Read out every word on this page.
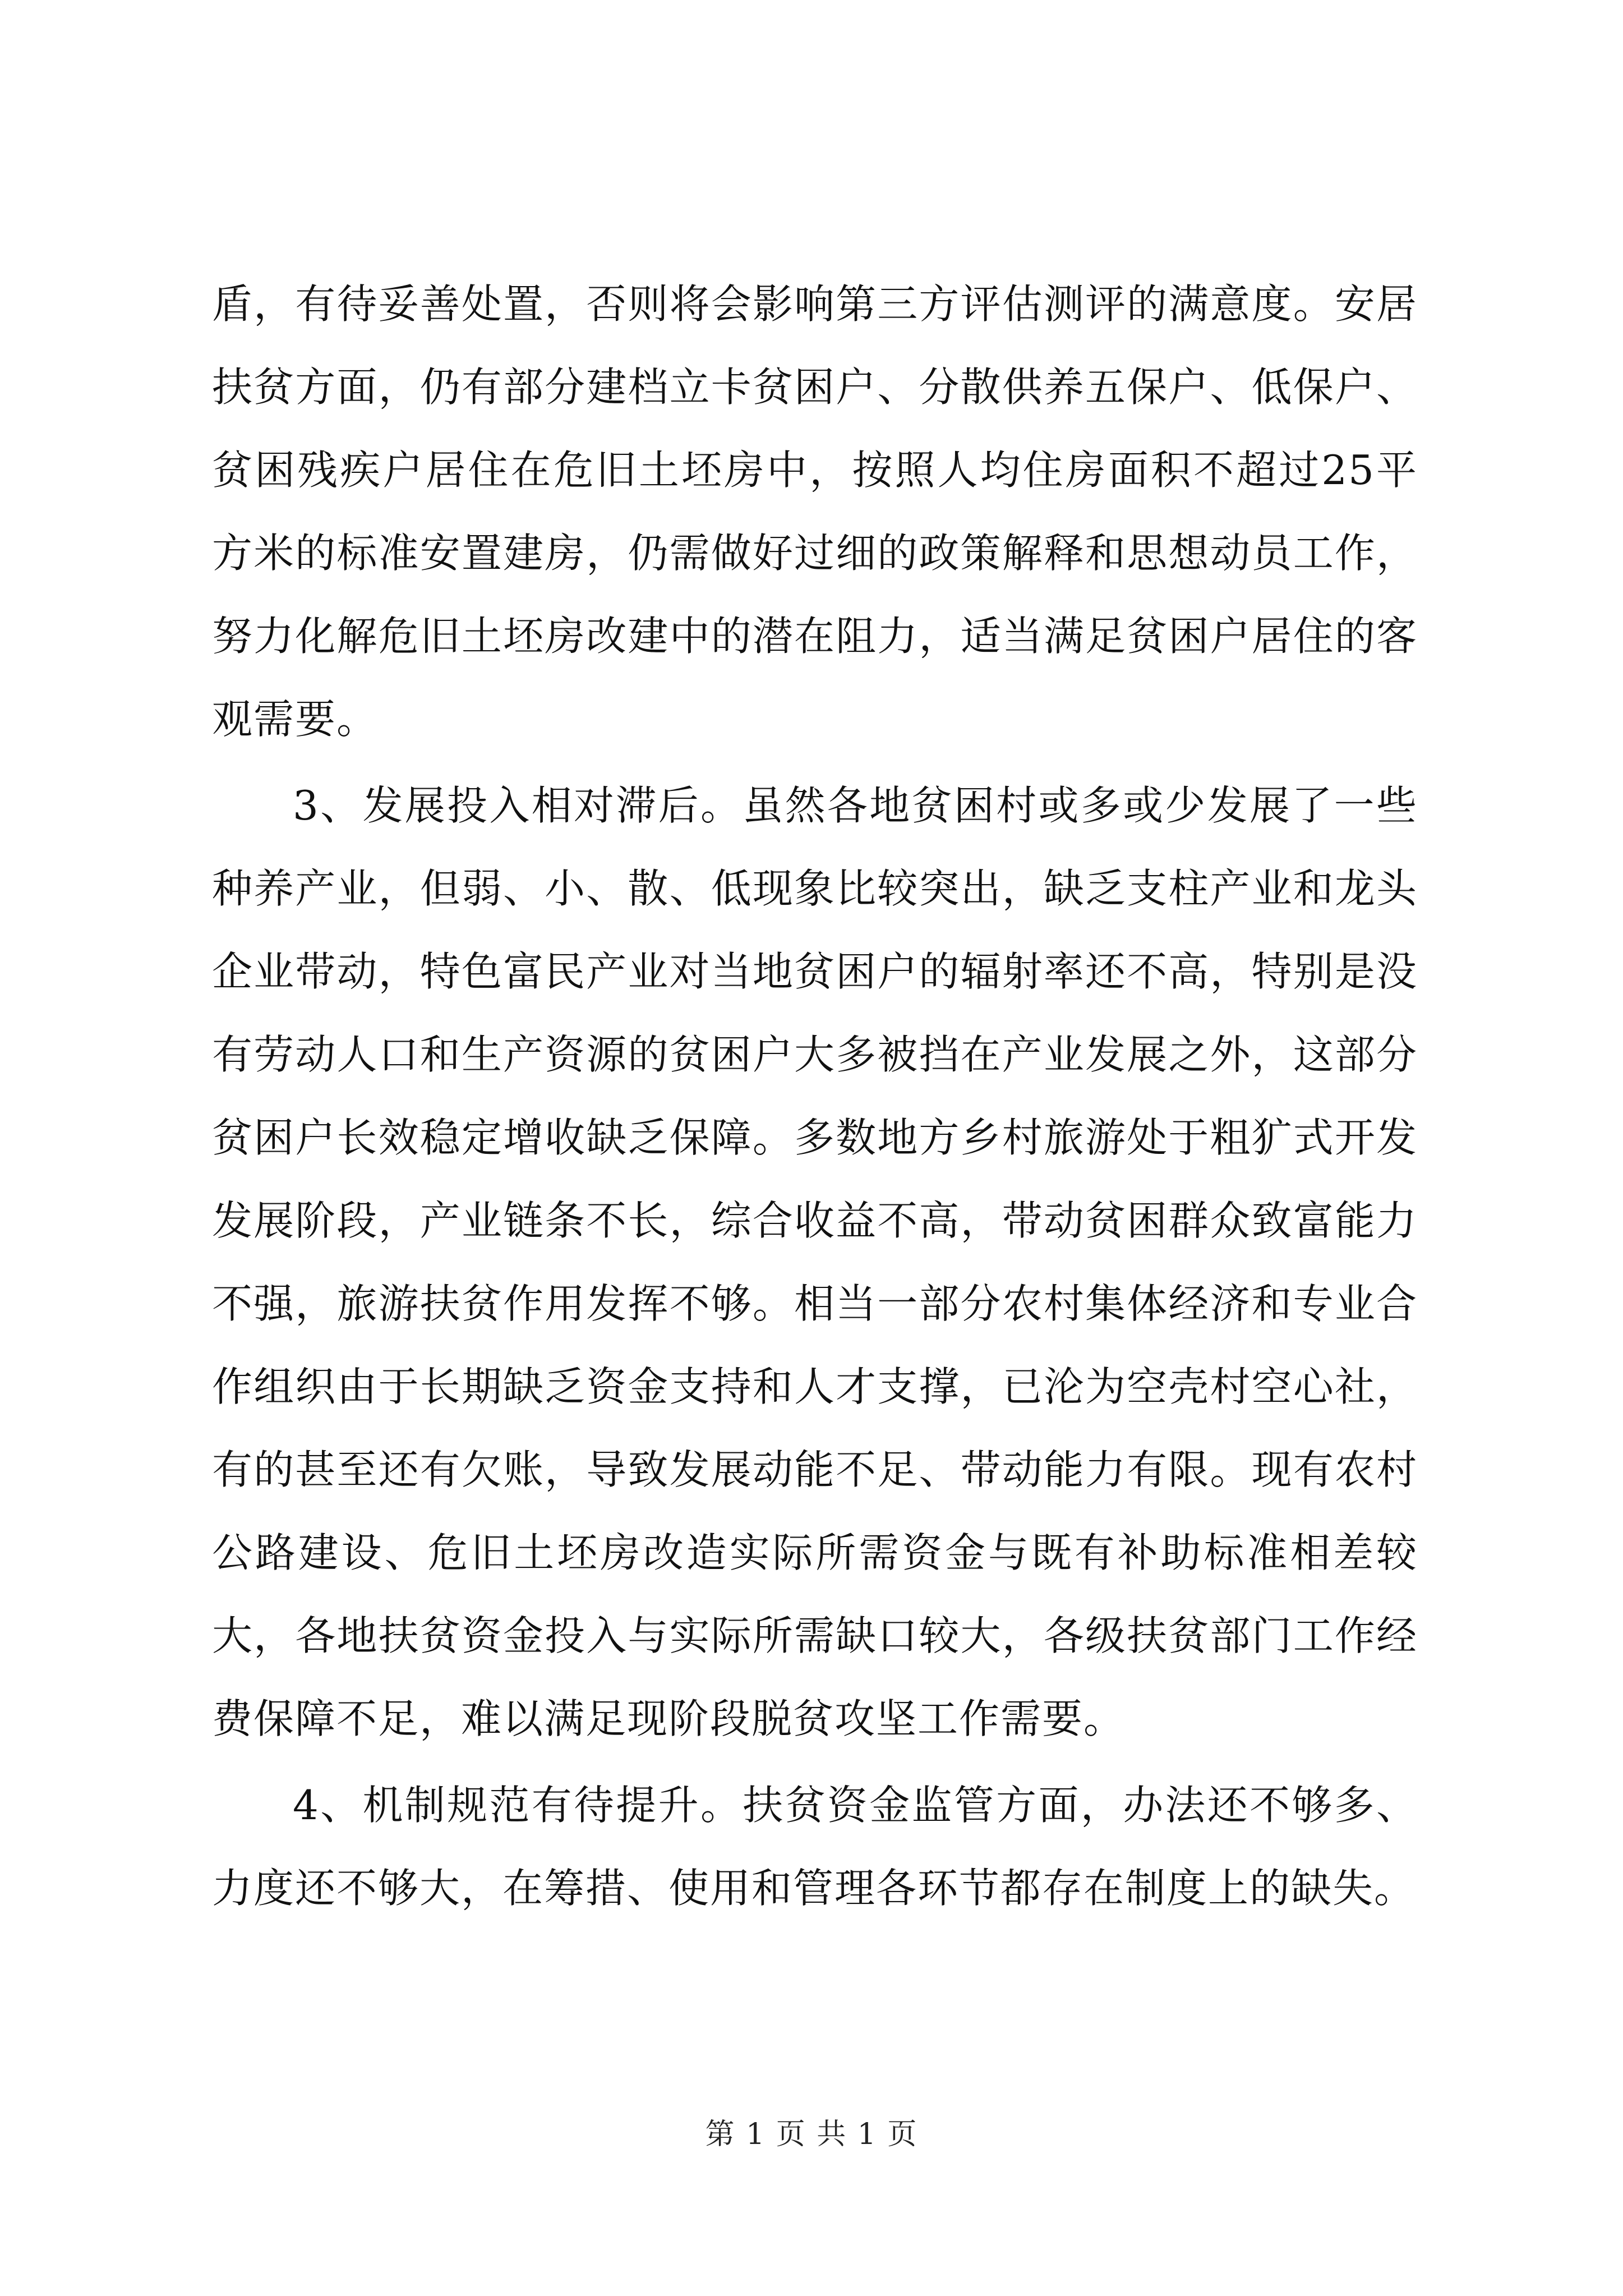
盾，有待妥善处置，否则将会影响第三方评估测评的满意度。安居扶贫方面，仍有部分建档立卡贫困户、分散供养五保户、低保户、贫困残疾户居住在危旧土坯房中，按照人均住房面积不超过25平方米的标准安置建房，仍需做好过细的政策解释和思想动员工作，努力化解危旧土坯房改建中的潜在阻力，适当满足贫困户居住的客观需要。

3、发展投入相对滞后。虽然各地贫困村或多或少发展了一些种养产业，但弱、小、散、低现象比较突出，缺乏支柱产业和龙头企业带动，特色富民产业对当地贫困户的辐射率还不高，特别是没有劳动人口和生产资源的贫困户大多被挡在产业发展之外，这部分贫困户长效稳定增收缺乏保障。多数地方乡村旅游处于粗犷式开发发展阶段，产业链条不长，综合收益不高，带动贫困群众致富能力不强，旅游扶贫作用发挥不够。相当一部分农村集体经济和专业合作组织由于长期缺乏资金支持和人才支撑，已沦为空壳村空心社，有的甚至还有欠账，导致发展动能不足、带动能力有限。现有农村公路建设、危旧土坯房改造实际所需资金与既有补助标准相差较大，各地扶贫资金投入与实际所需缺口较大，各级扶贫部门工作经费保障不足，难以满足现阶段脱贫攻坚工作需要。

4、机制规范有待提升。扶贫资金监管方面，办法还不够多、力度还不够大，在筹措、使用和管理各环节都存在制度上的缺失。

第 1 页 共 1 页
